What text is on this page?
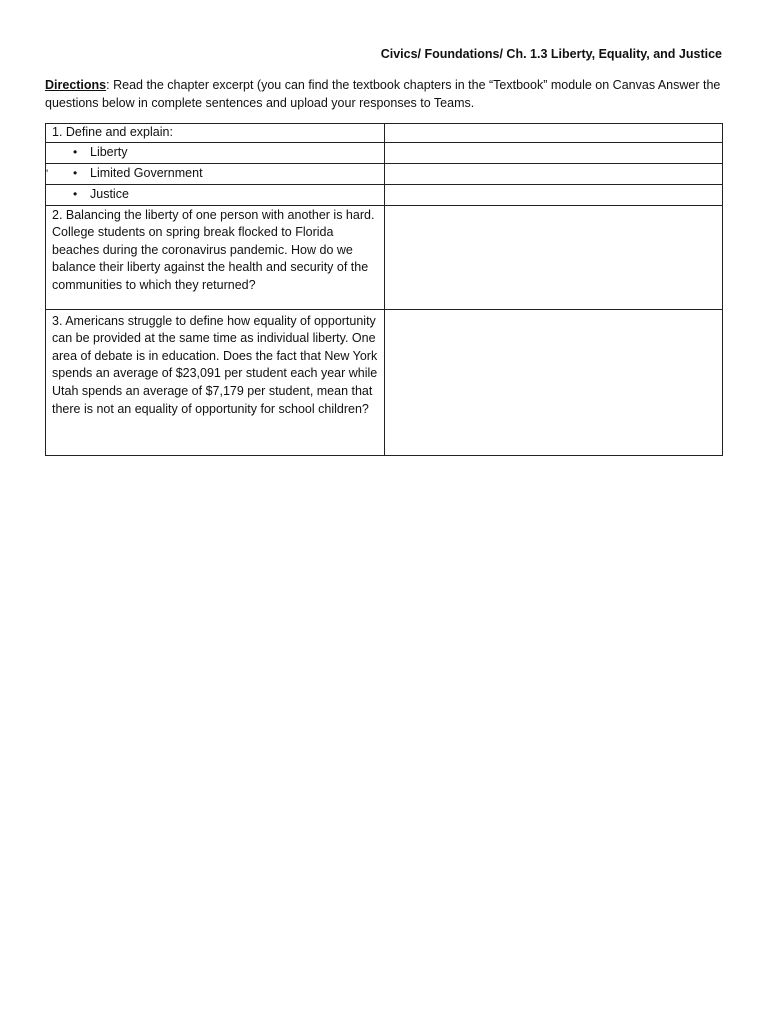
Civics/ Foundations/ Ch. 1.3 Liberty, Equality, and Justice
Directions: Read the chapter excerpt (you can find the textbook chapters in the “Textbook” module on Canvas Answer the questions below in complete sentences and upload your responses to Teams.
1. Define and explain:	

• Liberty	

' • Limited Government	

• Justice	

2. Balancing the liberty of one person with another is hard. College students on spring break flocked to Florida beaches during the coronavirus pandemic. How do we balance their liberty against the health and security of the communities to which they returned?	
3. Americans struggle to define how equality of opportunity can be provided at the same time as individual liberty. One area of debate is in education. Does the fact that New York spends an average of $23,091 per student each year while Utah spends an average of $7,179 per student, mean that there is not an equality of opportunity for school children?	
